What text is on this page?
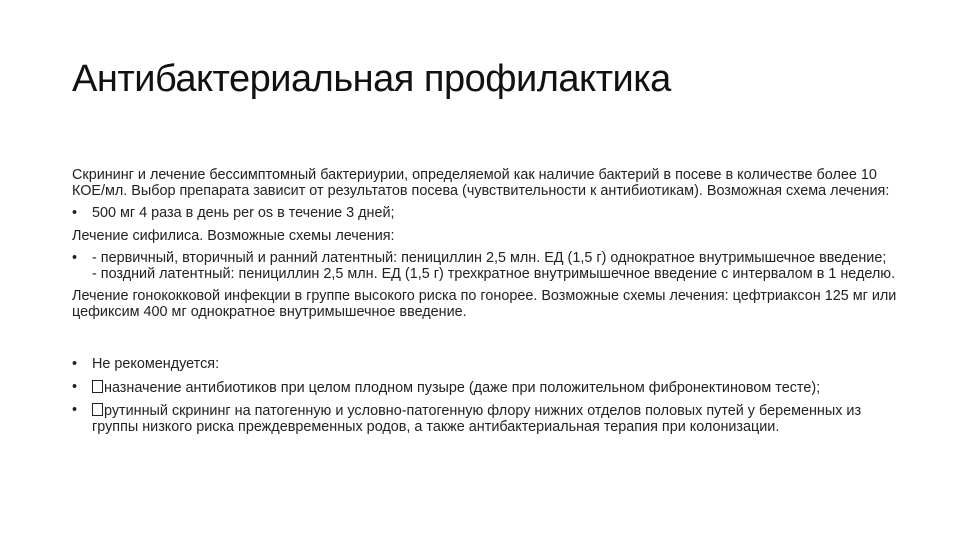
Антибактериальная профилактика

Скрининг и лечение бессимптомный бактериурии, определяемой как наличие бактерий в посеве в количестве более 10 КОЕ/мл. Выбор препарата зависит от результатов посева (чувствительности к антибиотикам). Возможная схема лечения:

• 500 мг 4 раза в день per os в течение 3 дней;

Лечение сифилиса. Возможные схемы лечения:

• - первичный, вторичный и ранний латентный: пенициллин 2,5 млн. ЕД (1,5 г) однократное внутримышечное введение;
- поздний латентный: пенициллин 2,5 млн. ЕД (1,5 г) трехкратное внутримышечное введение с интервалом в 1 неделю.

Лечение гонококковой инфекции в группе высокого риска по гонорее. Возможные схемы лечения: цефтриаксон 125 мг или цефиксим 400 мг однократное внутримышечное введение.

• Не рекомендуется:
• назначение антибиотиков при целом плодном пузыре (даже при положительном фибронектиновом тесте);
• рутинный скрининг на патогенную и условно-патогенную флору нижних отделов половых путей у беременных из группы низкого риска преждевременных родов, а также антибактериальная терапия при колонизации.
